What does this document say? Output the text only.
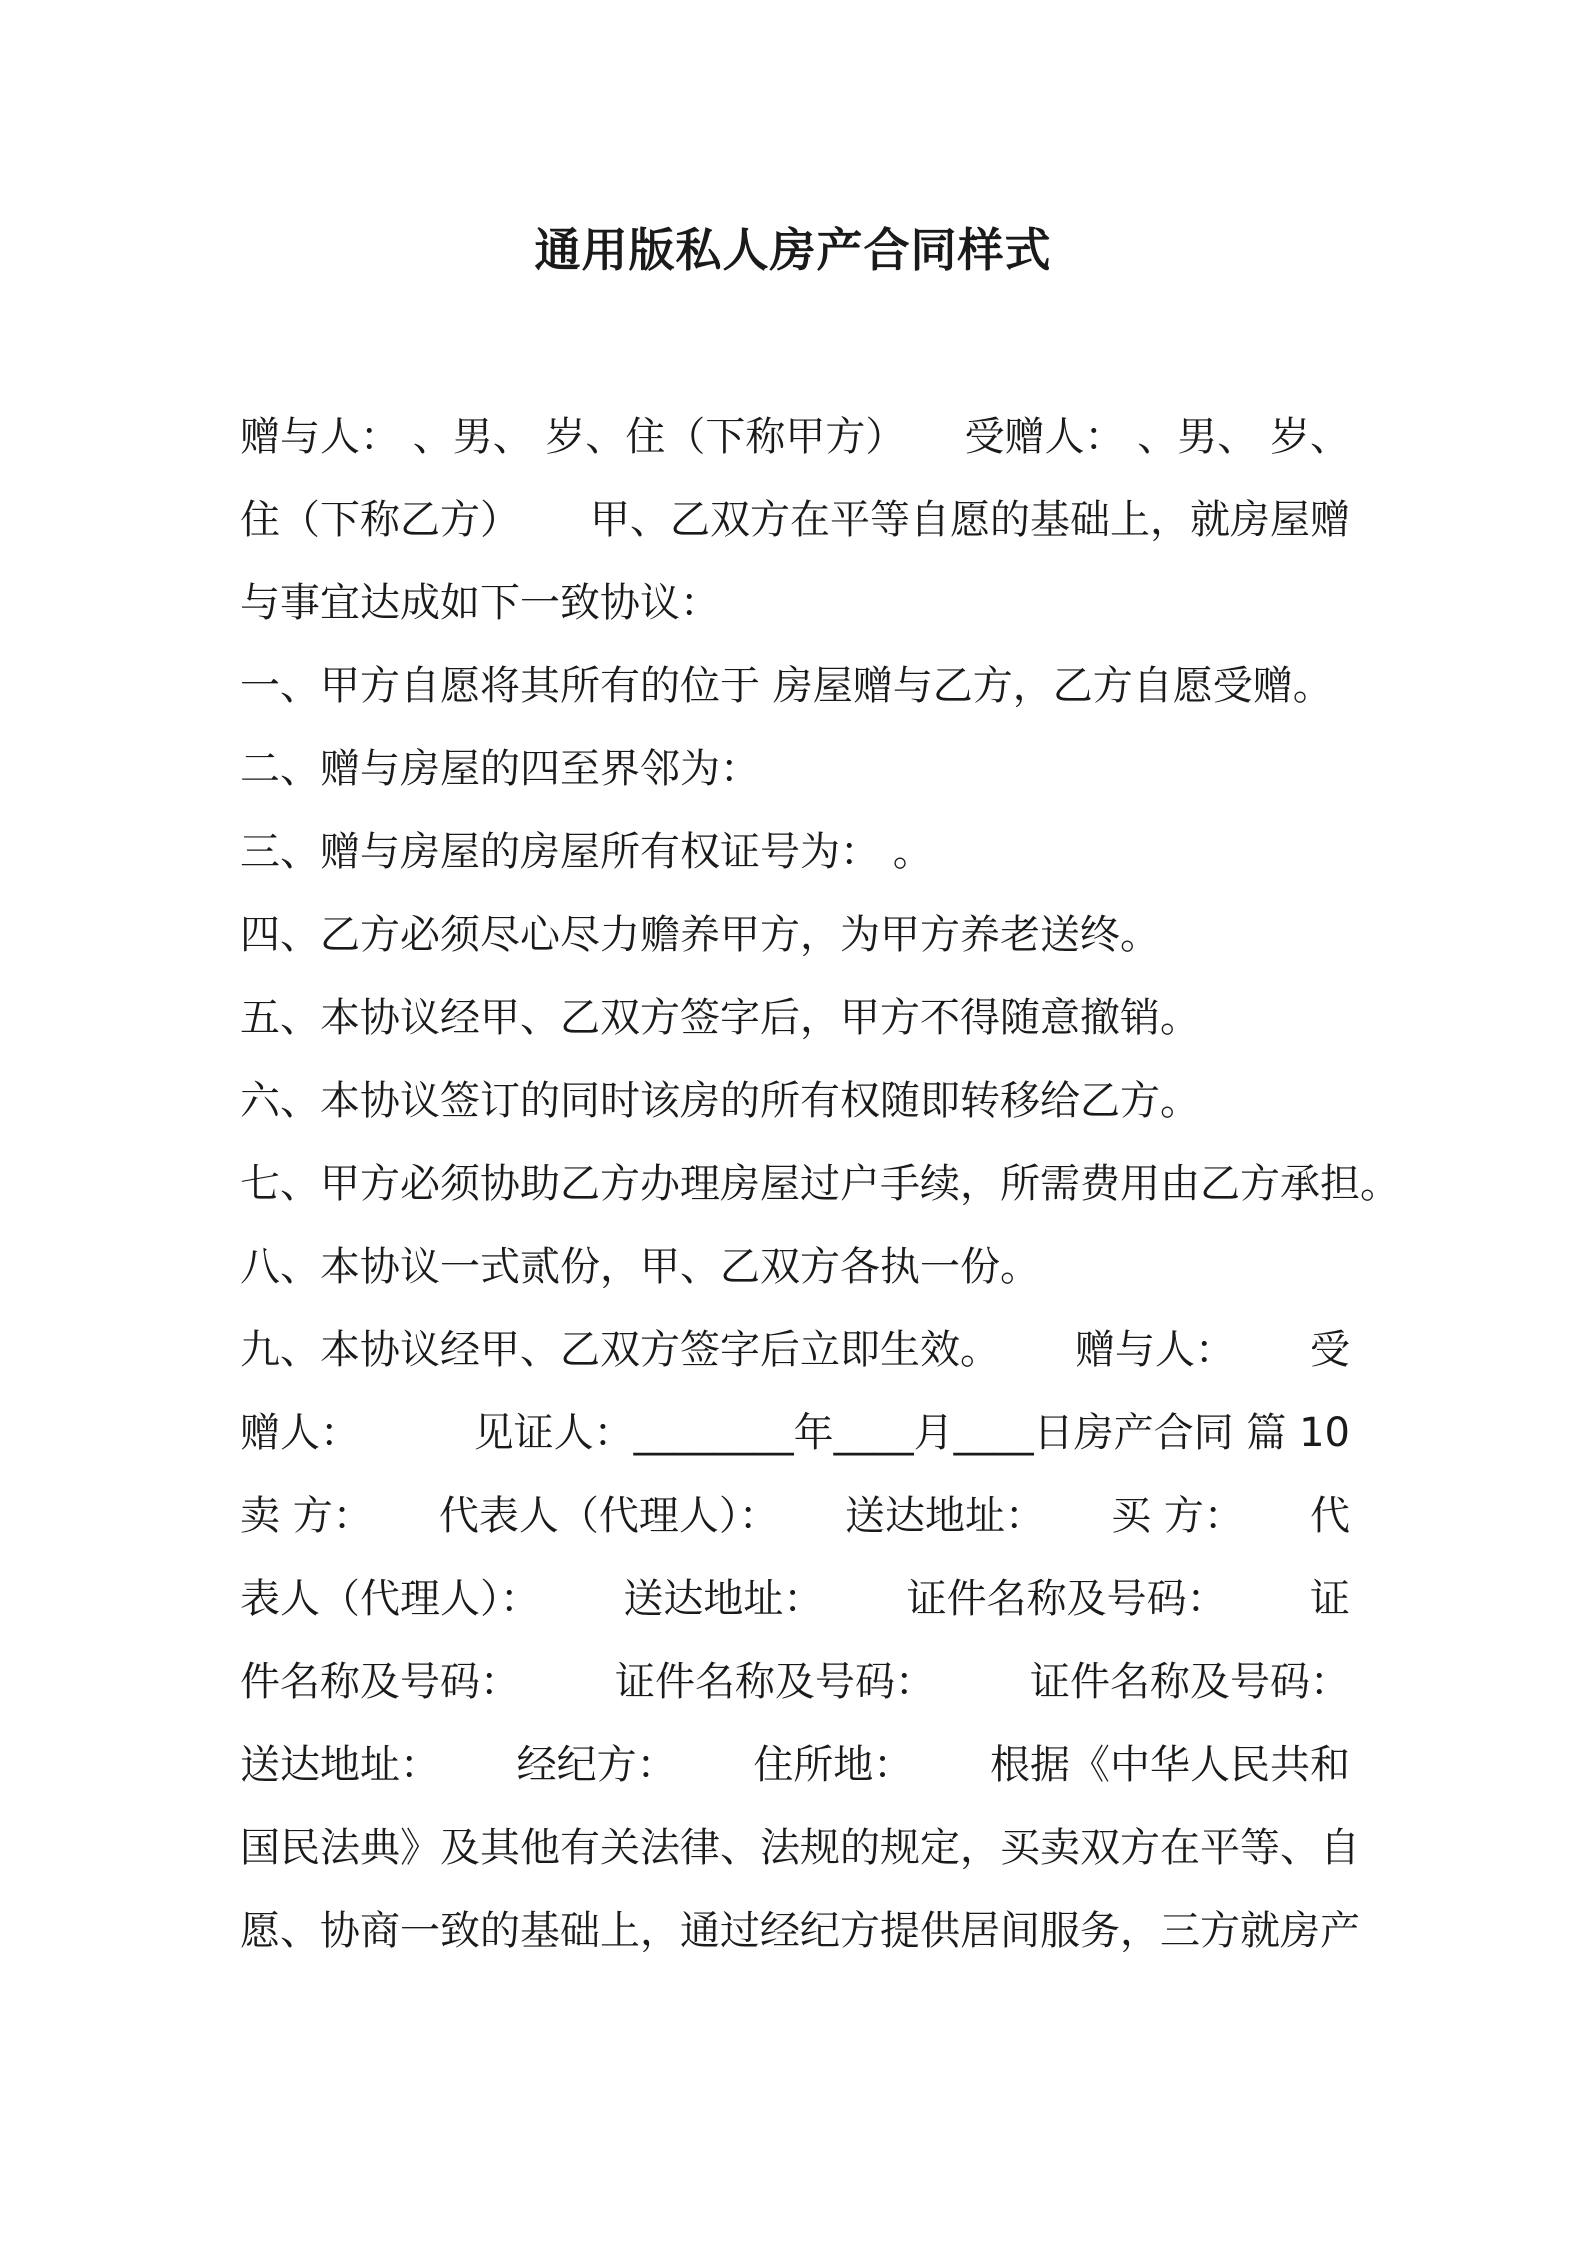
通用版私人房产合同样式
赠与人： 、男、 岁、住（下称甲方） 受赠人： 、男、 岁、
住（下称乙方） 甲、乙双方在平等自愿的基础上，就房屋赠
与事宜达成如下一致协议：
一、甲方自愿将其所有的位于 房屋赠与乙方，乙方自愿受赠。
二、赠与房屋的四至界邻为：
三、赠与房屋的房屋所有权证号为： 。
四、乙方必须尽心尽力赡养甲方，为甲方养老送终。
五、本协议经甲、乙双方签字后，甲方不得随意撤销。
六、本协议签订的同时该房的所有权随即转移给乙方。
七、甲方必须协助乙方办理房屋过户手续，所需费用由乙方承担。
八、本协议一式贰份，甲、乙双方各执一份。
九、本协议经甲、乙双方签字后立即生效。 赠与人： 受
赠人：	见证人：________年____月____日房产合同 篇 10
卖 方： 代表人（代理人）： 送达地址： 买 方： 代
表人（代理人）： 送达地址： 证件名称及号码： 证
件名称及号码： 证件名称及号码： 证件名称及号码：
送达地址： 经纪方： 住所地： 根据《中华人民共和
国民法典》及其他有关法律、法规的规定，买卖双方在平等、自
愿、协商一致的基础上，通过经纪方提供居间服务，三方就房产
